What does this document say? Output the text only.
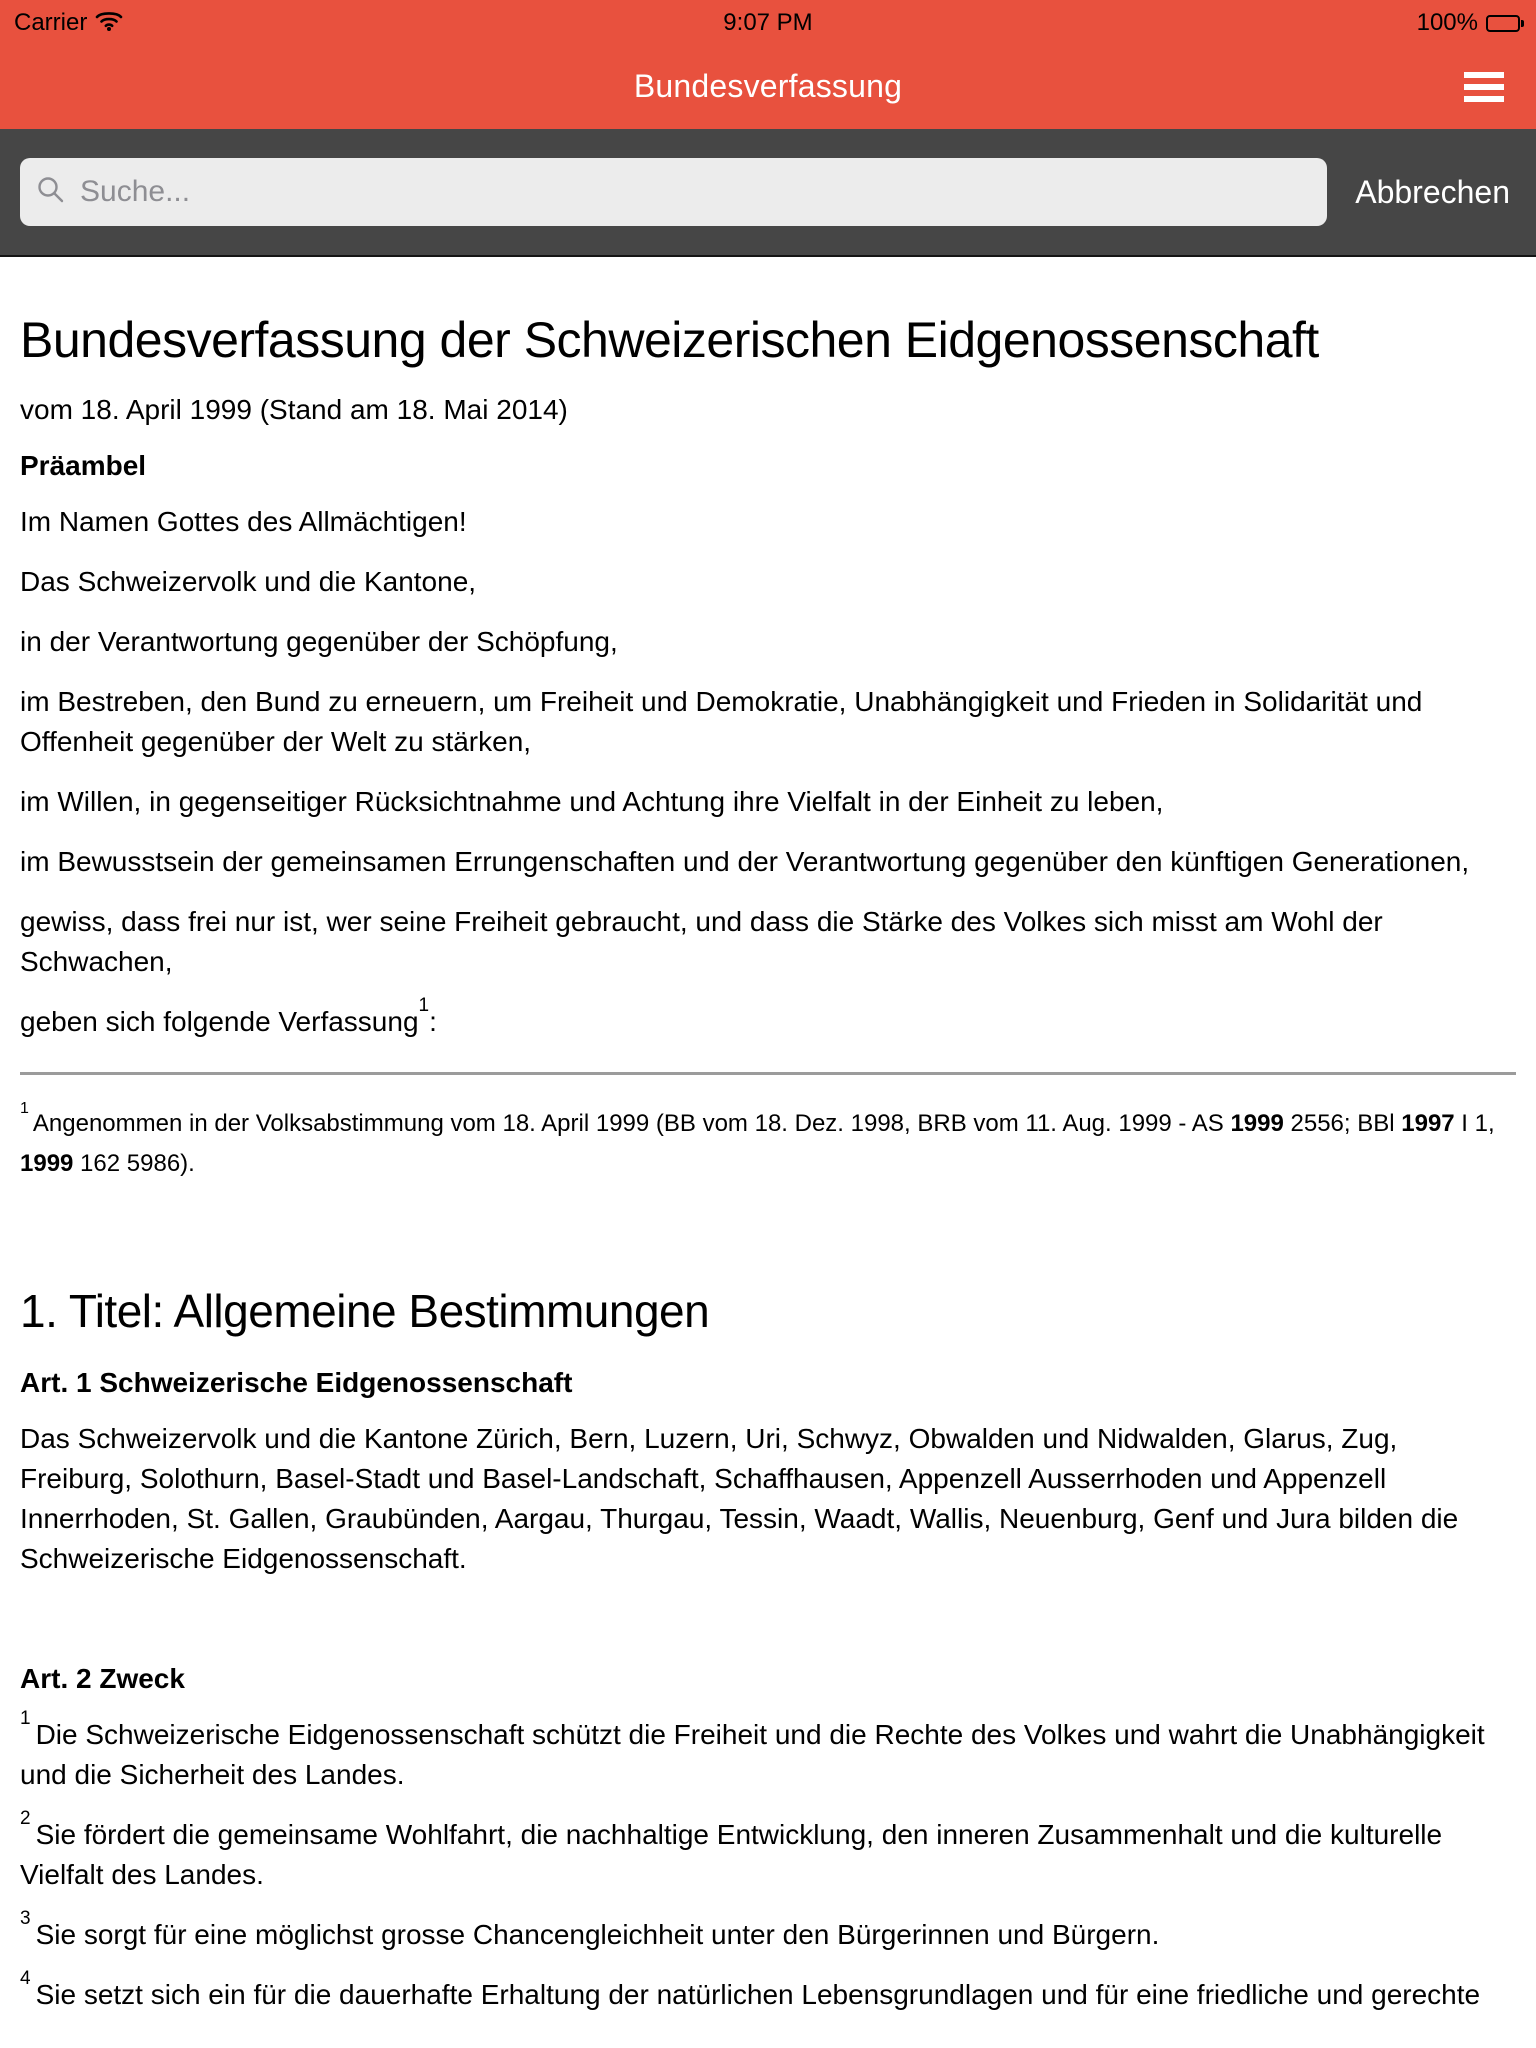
Carrier	9:07 PM	100%
Bundesverfassung
Suche...
Abbrechen
Bundesverfassung der Schweizerischen Eidgenossenschaft

vom 18. April 1999 (Stand am 18. Mai 2014)

Präambel

Im Namen Gottes des Allmächtigen!

Das Schweizervolk und die Kantone,

in der Verantwortung gegenüber der Schöpfung,

im Bestreben, den Bund zu erneuern, um Freiheit und Demokratie, Unabhängigkeit und Frieden in Solidarität und Offenheit gegenüber der Welt zu stärken,

im Willen, in gegenseitiger Rücksichtnahme und Achtung ihre Vielfalt in der Einheit zu leben,

im Bewusstsein der gemeinsamen Errungenschaften und der Verantwortung gegenüber den künftigen Generationen,

gewiss, dass frei nur ist, wer seine Freiheit gebraucht, und dass die Stärke des Volkes sich misst am Wohl der Schwachen,

geben sich folgende Verfassung$^1$:

$^1$Angenommen in der Volksabstimmung vom 18. April 1999 (BB vom 18. Dez. 1998, BRB vom 11. Aug. 1999 - AS 1999 2556; BBl 1997 I 1, 1999 162 5986).

1. Titel: Allgemeine Bestimmungen

Art. 1 Schweizerische Eidgenossenschaft

Das Schweizervolk und die Kantone Zürich, Bern, Luzern, Uri, Schwyz, Obwalden und Nidwalden, Glarus, Zug, Freiburg, Solothurn, Basel-Stadt und Basel-Landschaft, Schaffhausen, Appenzell Ausserrhoden und Appenzell Innerrhoden, St. Gallen, Graubünden, Aargau, Thurgau, Tessin, Waadt, Wallis, Neuenburg, Genf und Jura bilden die Schweizerische Eidgenossenschaft.

Art. 2 Zweck

$^1$Die Schweizerische Eidgenossenschaft schützt die Freiheit und die Rechte des Volkes und wahrt die Unabhängigkeit und die Sicherheit des Landes.

$^2$Sie fördert die gemeinsame Wohlfahrt, die nachhaltige Entwicklung, den inneren Zusammenhalt und die kulturelle Vielfalt des Landes.

$^3$Sie sorgt für eine möglichst grosse Chancengleichheit unter den Bürgerinnen und Bürgern.

$^4$Sie setzt sich ein für die dauerhafte Erhaltung der natürlichen Lebensgrundlagen und für eine friedliche und gerechte
